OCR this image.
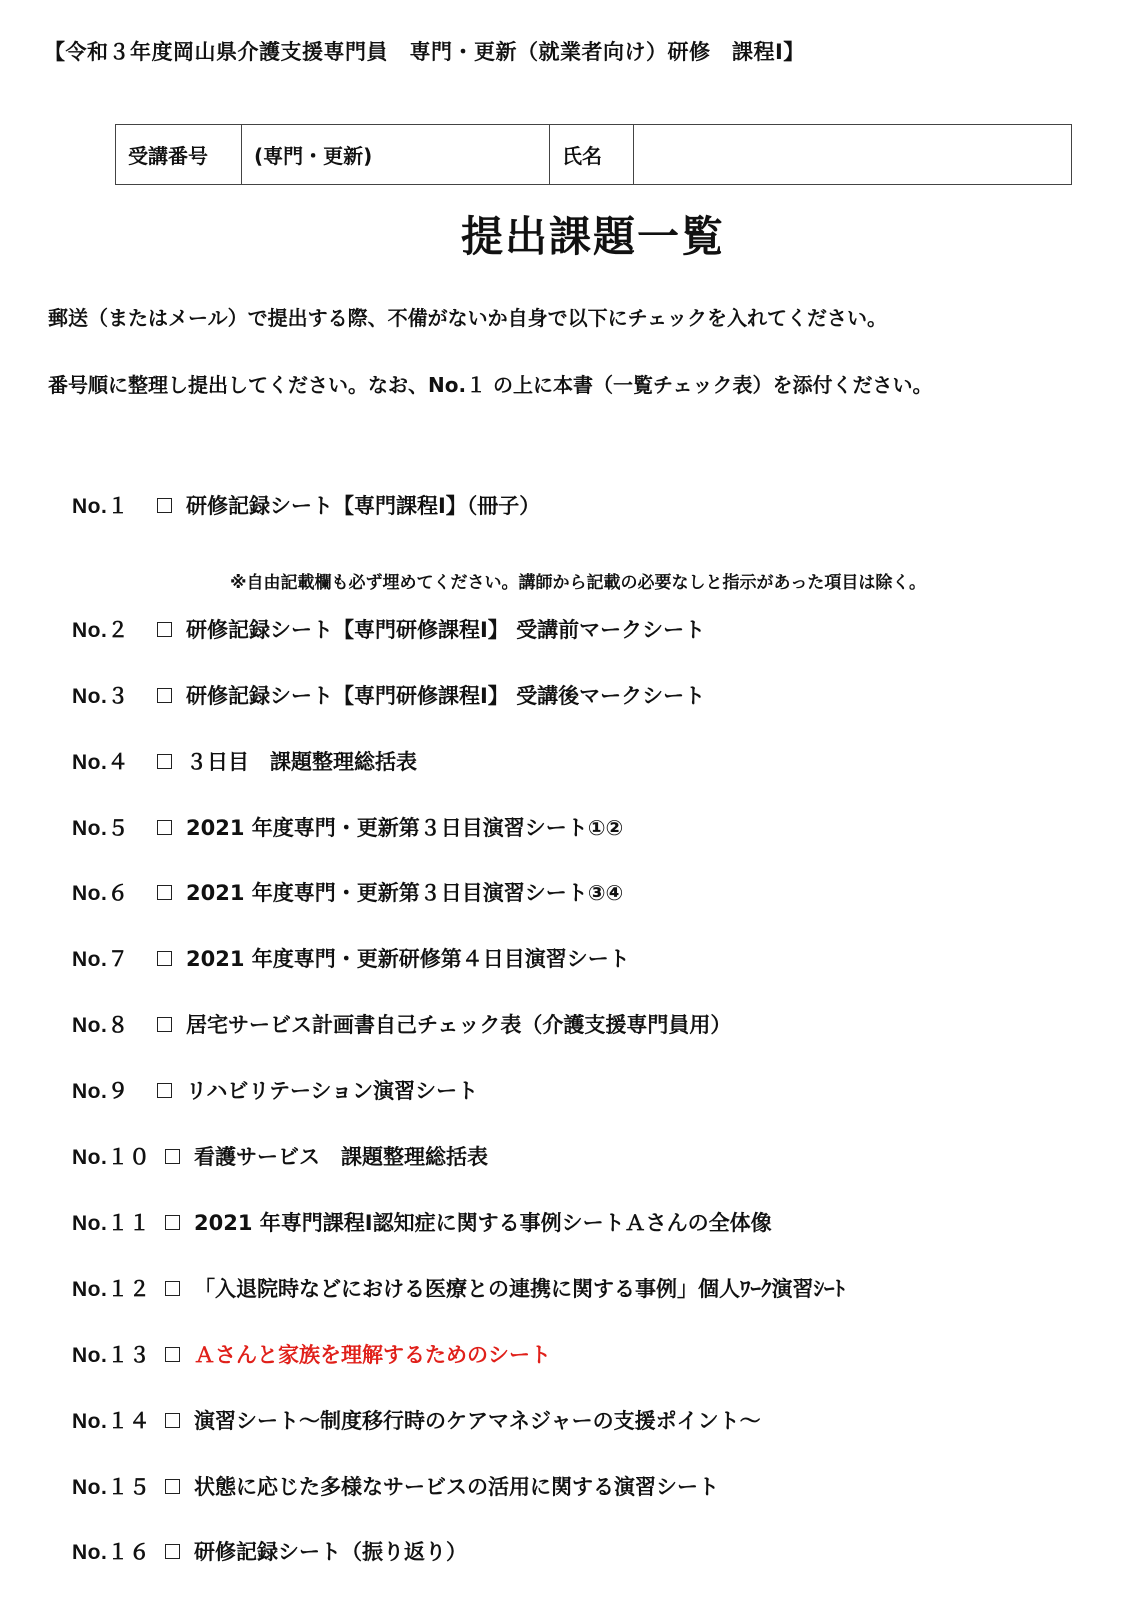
【令和３年度岡山県介護支援専門員　専門・更新（就業者向け）研修　課程Ⅰ】
受講番号	(専門・更新)	氏名	
提出課題一覧
郵送（またはメール）で提出する際、不備がないか自身で以下にチェックを入れてください。
番号順に整理し提出してください。なお、No.１ の上に本書（一覧チェック表）を添付ください。
No.１	研修記録シート【専門課程Ⅰ】（冊子）
※自由記載欄も必ず埋めてください。講師から記載の必要なしと指示があった項目は除く。
No.２	研修記録シート【専門研修課程Ⅰ】 受講前マークシート
No.３	研修記録シート【専門研修課程Ⅰ】 受講後マークシート
No.４	３日目　課題整理総括表
No.５	2021 年度専門・更新第３日目演習シート①②
No.６	2021 年度専門・更新第３日目演習シート③④
No.７	2021 年度専門・更新研修第４日目演習シート
No.８	居宅サービス計画書自己チェック表（介護支援専門員用）
No.９	リハビリテーション演習シート
No.１０	看護サービス　課題整理総括表
No.１１	2021 年専門課程Ⅰ認知症に関する事例シートＡさんの全体像
No.１２	「入退院時などにおける医療との連携に関する事例」個人ﾜｰｸ演習ｼｰﾄ
No.１３	Ａさんと家族を理解するためのシート
No.１４	演習シート～制度移行時のケアマネジャーの支援ポイント～
No.１５	状態に応じた多様なサービスの活用に関する演習シート
No.１６	研修記録シート（振り返り）
